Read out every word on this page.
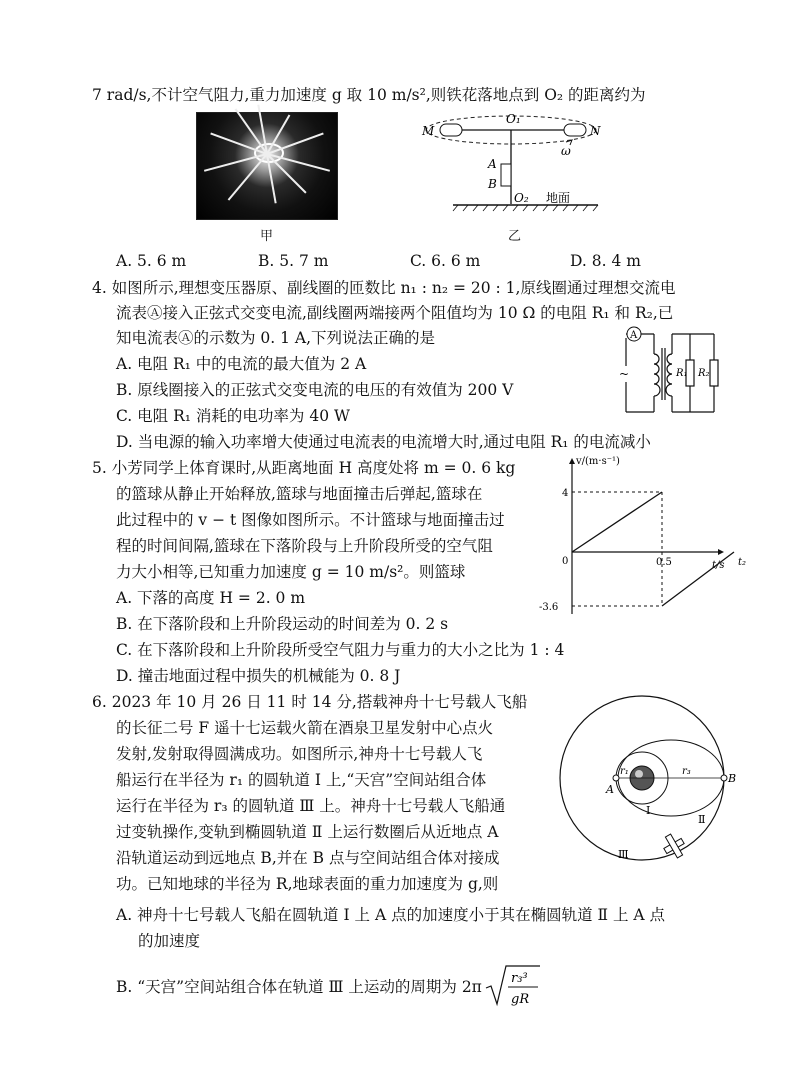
7 rad/s,不计空气阻力,重力加速度 g 取 10 m/s²,则铁花落地点到 O₂ 的距离约为
甲
M	N
O₁
ω
A
B
O₂ 地面
乙
A. 5. 6 m	B. 5. 7 m	C. 6. 6 m	D. 8. 4 m
4. 如图所示,理想变压器原、副线圈的匝数比 n₁ : n₂ = 20 : 1,原线圈通过理想交流电
流表Ⓐ接入正弦式交变电流,副线圈两端接两个阻值均为 10 Ω 的电阻 R₁ 和 R₂,已
知电流表Ⓐ的示数为 0. 1 A,下列说法正确的是
A. 电阻 R₁ 中的电流的最大值为 2 A
B. 原线圈接入的正弦式交变电流的电压的有效值为 200 V
C. 电阻 R₁ 消耗的电功率为 40 W
D. 当电源的输入功率增大使通过电流表的电流增大时,通过电阻 R₁ 的电流减小
A
~	R₁ R₂
5. 小芳同学上体育课时,从距离地面 H 高度处将 m = 0. 6 kg
的篮球从静止开始释放,篮球与地面撞击后弹起,篮球在
此过程中的 v − t 图像如图所示。不计篮球与地面撞击过
程的时间间隔,篮球在下落阶段与上升阶段所受的空气阻
力大小相等,已知重力加速度 g = 10 m/s²。则篮球
A. 下落的高度 H = 2. 0 m
B. 在下落阶段和上升阶段运动的时间差为 0. 2 s
C. 在下落阶段和上升阶段所受空气阻力与重力的大小之比为 1 : 4
D. 撞击地面过程中损失的机械能为 0. 8 J
v/(m·s⁻¹)
t/s
0	0.5	t₂
4
-3.6
6. 2023 年 10 月 26 日 11 时 14 分,搭载神舟十七号载人飞船
的长征二号 F 遥十七运载火箭在酒泉卫星发射中心点火
发射,发射取得圆满成功。如图所示,神舟十七号载人飞
船运行在半径为 r₁ 的圆轨道 Ⅰ 上,“天宫”空间站组合体
运行在半径为 r₃ 的圆轨道 Ⅲ 上。神舟十七号载人飞船通
过变轨操作,变轨到椭圆轨道 Ⅱ 上运行数圈后从近地点 A
沿轨道运动到远地点 B,并在 B 点与空间站组合体对接成
功。已知地球的半径为 R,地球表面的重力加速度为 g,则
A. 神舟十七号载人飞船在圆轨道 Ⅰ 上 A 点的加速度小于其在椭圆轨道 Ⅱ 上 A 点
的加速度
B. “天宫”空间站组合体在轨道 Ⅲ 上运动的周期为 2π r₃³
gR
r₁	r₃
A
B
Ⅰ
Ⅱ
Ⅲ
